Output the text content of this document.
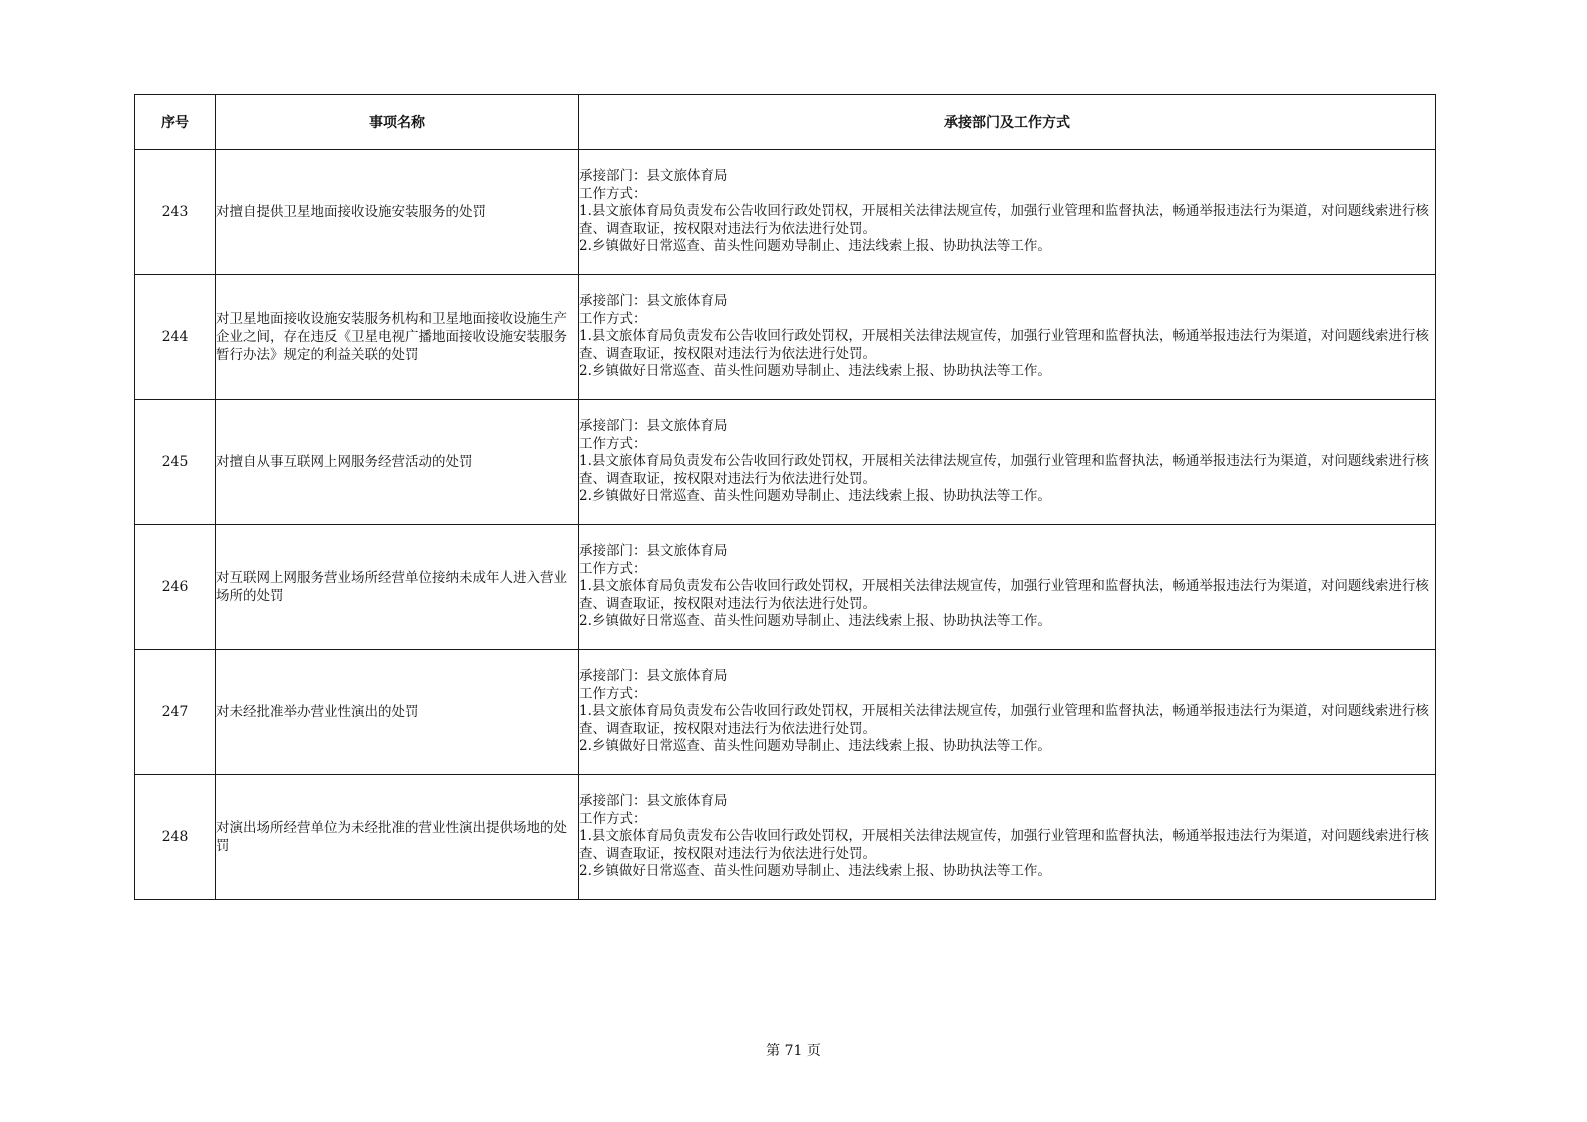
序号	事项名称	承接部门及工作方式
243	对擅自提供卫星地面接收设施安装服务的处罚	承接部门：县文旅体育局
工作方式：
1.县文旅体育局负责发布公告收回行政处罚权，开展相关法律法规宣传，加强行业管理和监督执法，畅通举报违法行为渠道，对问题线索进行核查、调查取证，按权限对违法行为依法进行处罚。
2.乡镇做好日常巡查、苗头性问题劝导制止、违法线索上报、协助执法等工作。

244	对卫星地面接收设施安装服务机构和卫星地面接收设施生产企业之间，存在违反《卫星电视广播地面接收设施安装服务暂行办法》规定的利益关联的处罚	承接部门：县文旅体育局
工作方式：
1.县文旅体育局负责发布公告收回行政处罚权，开展相关法律法规宣传，加强行业管理和监督执法，畅通举报违法行为渠道，对问题线索进行核查、调查取证，按权限对违法行为依法进行处罚。
2.乡镇做好日常巡查、苗头性问题劝导制止、违法线索上报、协助执法等工作。

245	对擅自从事互联网上网服务经营活动的处罚	承接部门：县文旅体育局
工作方式：
1.县文旅体育局负责发布公告收回行政处罚权，开展相关法律法规宣传，加强行业管理和监督执法，畅通举报违法行为渠道，对问题线索进行核查、调查取证，按权限对违法行为依法进行处罚。
2.乡镇做好日常巡查、苗头性问题劝导制止、违法线索上报、协助执法等工作。

246	对互联网上网服务营业场所经营单位接纳未成年人进入营业场所的处罚	承接部门：县文旅体育局
工作方式：
1.县文旅体育局负责发布公告收回行政处罚权，开展相关法律法规宣传，加强行业管理和监督执法，畅通举报违法行为渠道，对问题线索进行核查、调查取证，按权限对违法行为依法进行处罚。
2.乡镇做好日常巡查、苗头性问题劝导制止、违法线索上报、协助执法等工作。

247	对未经批准举办营业性演出的处罚	承接部门：县文旅体育局
工作方式：
1.县文旅体育局负责发布公告收回行政处罚权，开展相关法律法规宣传，加强行业管理和监督执法，畅通举报违法行为渠道，对问题线索进行核查、调查取证，按权限对违法行为依法进行处罚。
2.乡镇做好日常巡查、苗头性问题劝导制止、违法线索上报、协助执法等工作。

248	对演出场所经营单位为未经批准的营业性演出提供场地的处罚	承接部门：县文旅体育局
工作方式：
1.县文旅体育局负责发布公告收回行政处罚权，开展相关法律法规宣传，加强行业管理和监督执法，畅通举报违法行为渠道，对问题线索进行核查、调查取证，按权限对违法行为依法进行处罚。
2.乡镇做好日常巡查、苗头性问题劝导制止、违法线索上报、协助执法等工作。
第 71 页
